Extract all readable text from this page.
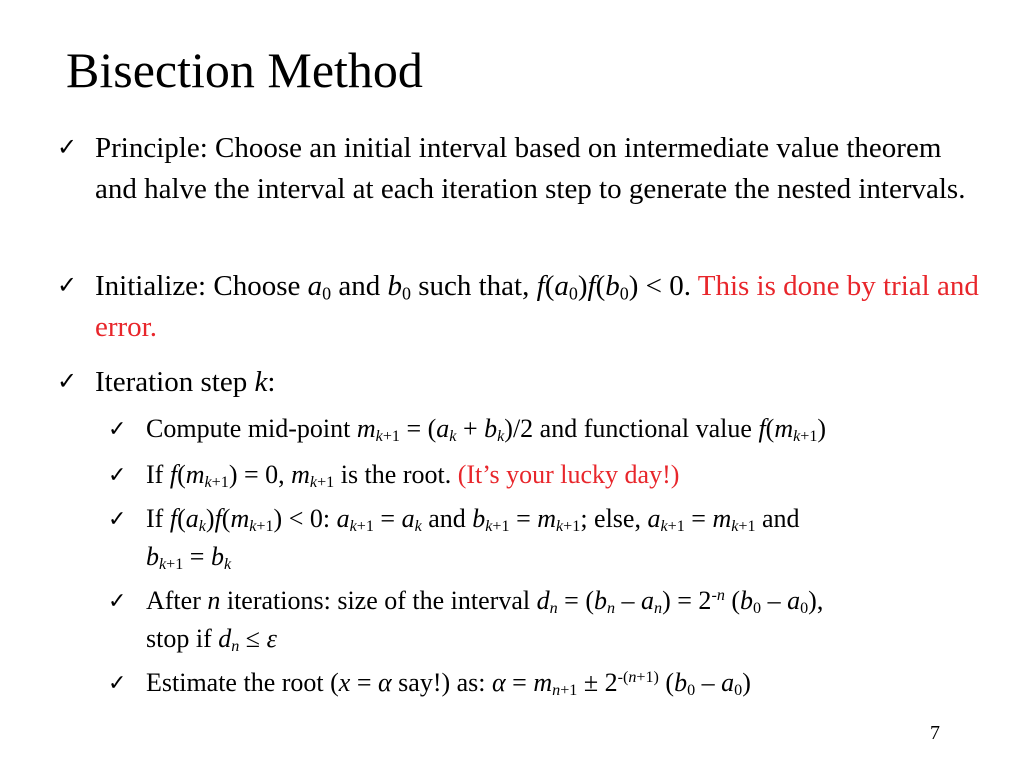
Bisection Method
✓ Principle: Choose an initial interval based on intermediate value theorem and halve the interval at each iteration step to generate the nested intervals.
✓ Initialize: Choose $a_0$ and $b_0$ such that, $f(a_0)f(b_0) < 0$. This is done by trial and error.
✓ Iteration step k:
✓ Compute mid-point $m_{k+1} = (a_k + b_k)/2$ and functional value $f(m_{k+1})$
✓ If $f(m_{k+1}) = 0$, $m_{k+1}$ is the root. (It’s your lucky day!)
✓ If $f(a_k)f(m_{k+1}) < 0$: $a_{k+1} = a_k$ and $b_{k+1} = m_{k+1}$; else, $a_{k+1} = m_{k+1}$ and
$b_{k+1} = b_k$
✓ After n iterations: size of the interval $d_n = (b_n - a_n) = 2^{-n}$ $(b_0 - a_0)$,
stop if $d_n \le \varepsilon$
✓ Estimate the root (x = α say!) as: $\alpha = m_{n+1} \pm 2^{-(n+1)}$ $(b_0 - a_0)$
7
